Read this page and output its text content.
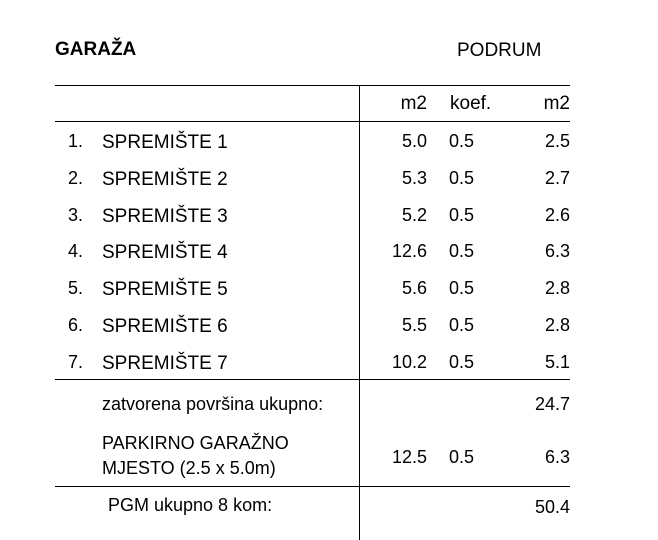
GARAŽA	PODRUM
m2 koef.	m2
1. SPREMIŠTE 1	5.0 0.5	2.5
2. SPREMIŠTE 2	5.3 0.5	2.7
3. SPREMIŠTE 3	5.2 0.5	2.6
4. SPREMIŠTE 4	12.6 0.5	6.3
5. SPREMIŠTE 5	5.6 0.5	2.8
6. SPREMIŠTE 6	5.5 0.5	2.8
7. SPREMIŠTE 7	10.2 0.5	5.1
zatvorena površina ukupno:	24.7
PARKIRNO GARAŽNO
MJESTO (2.5 x 5.0m)
12.5 0.5	6.3
PGM ukupno 8 kom:	50.4
